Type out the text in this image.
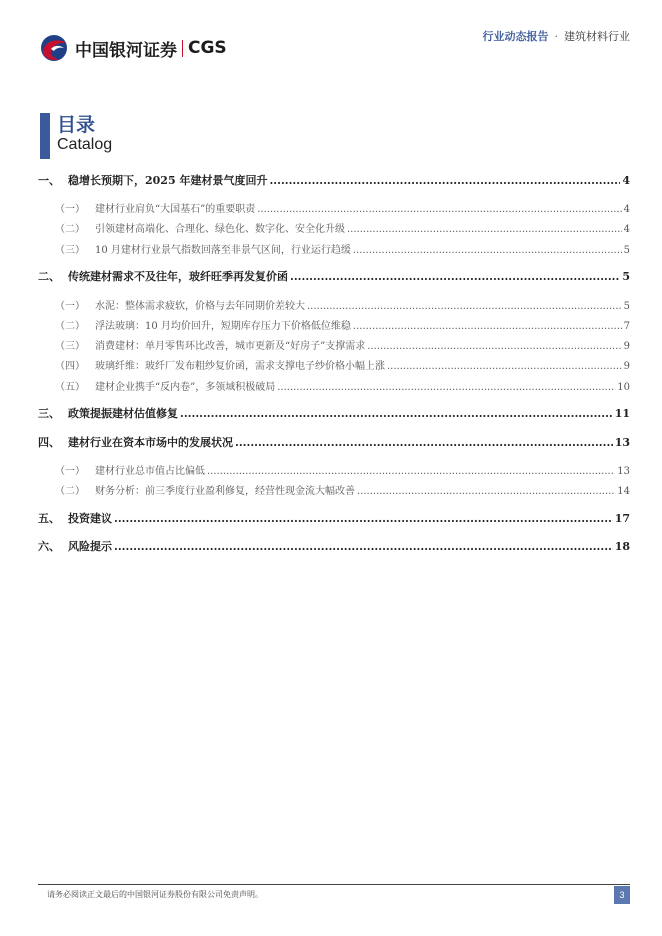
中国银河证券 CGS
行业动态报告 · 建筑材料行业
目录
Catalog
一、 稳增长预期下，2025 年建材景气度回升 .....	4
（一）	建材行业肩负“大国基石”的重要职责 .....	4
（二）	引领建材高端化、合理化、绿色化、数字化、安全化升级 .....	4
（三）	10 月建材行业景气指数回落至非景气区间，行业运行趋缓 .....	5
二、 传统建材需求不及往年，玻纤旺季再发复价函 .....	5
（一）	水泥：整体需求疲软，价格与去年同期价差较大 .....	5
（二）	浮法玻璃：10 月均价回升，短期库存压力下价格低位维稳 .....	7
（三）	消费建材：单月零售环比改善，城市更新及“好房子”支撑需求 .....	9
（四）	玻璃纤维：玻纤厂发布粗纱复价函，需求支撑电子纱价格小幅上涨 .....	9
（五）	建材企业携手“反内卷”，多领域积极破局 .....	10
三、 政策提振建材估值修复 .....	11
四、 建材行业在资本市场中的发展状况 .....	13
（一）	建材行业总市值占比偏低 .....	13
（二）	财务分析：前三季度行业盈利修复，经营性现金流大幅改善 .....	14
五、 投资建议 .....	17
六、 风险提示 .....	18
请务必阅读正文最后的中国银河证券股份有限公司免责声明。	3
